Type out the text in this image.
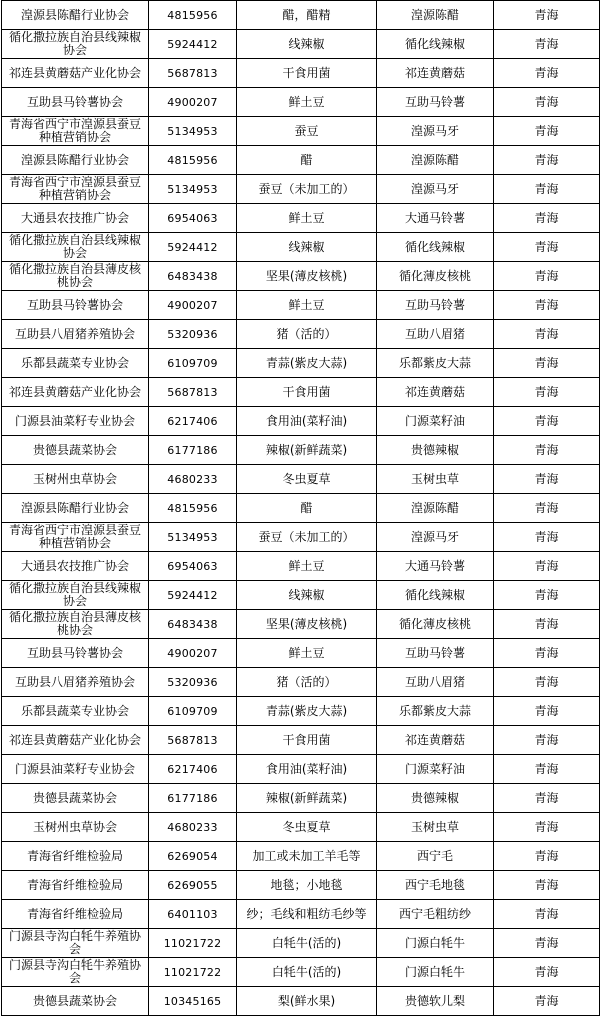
湟源县陈醋行业协会	4815956	醋，醋精	湟源陈醋	青海
循化撒拉族自治县线辣椒协会	5924412	线辣椒	循化线辣椒	青海
祁连县黄蘑菇产业化协会	5687813	干食用菌	祁连黄蘑菇	青海
互助县马铃薯协会	4900207	鲜土豆	互助马铃薯	青海
青海省西宁市湟源县蚕豆种植营销协会	5134953	蚕豆	湟源马牙	青海
湟源县陈醋行业协会	4815956	醋	湟源陈醋	青海
青海省西宁市湟源县蚕豆种植营销协会	5134953	蚕豆（未加工的）	湟源马牙	青海
大通县农技推广协会	6954063	鲜土豆	大通马铃薯	青海
循化撒拉族自治县线辣椒协会	5924412	线辣椒	循化线辣椒	青海
循化撒拉族自治县薄皮核桃协会	6483438	坚果(薄皮核桃)	循化薄皮核桃	青海
互助县马铃薯协会	4900207	鲜土豆	互助马铃薯	青海
互助县八眉猪养殖协会	5320936	猪（活的）	互助八眉猪	青海
乐都县蔬菜专业协会	6109709	青蒜(紫皮大蒜)	乐都紫皮大蒜	青海
祁连县黄蘑菇产业化协会	5687813	干食用菌	祁连黄蘑菇	青海
门源县油菜籽专业协会	6217406	食用油(菜籽油)	门源菜籽油	青海
贵德县蔬菜协会	6177186	辣椒(新鲜蔬菜)	贵德辣椒	青海
玉树州虫草协会	4680233	冬虫夏草	玉树虫草	青海
湟源县陈醋行业协会	4815956	醋	湟源陈醋	青海
青海省西宁市湟源县蚕豆种植营销协会	5134953	蚕豆（未加工的）	湟源马牙	青海
大通县农技推广协会	6954063	鲜土豆	大通马铃薯	青海
循化撒拉族自治县线辣椒协会	5924412	线辣椒	循化线辣椒	青海
循化撒拉族自治县薄皮核桃协会	6483438	坚果(薄皮核桃)	循化薄皮核桃	青海
互助县马铃薯协会	4900207	鲜土豆	互助马铃薯	青海
互助县八眉猪养殖协会	5320936	猪（活的）	互助八眉猪	青海
乐都县蔬菜专业协会	6109709	青蒜(紫皮大蒜)	乐都紫皮大蒜	青海
祁连县黄蘑菇产业化协会	5687813	干食用菌	祁连黄蘑菇	青海
门源县油菜籽专业协会	6217406	食用油(菜籽油)	门源菜籽油	青海
贵德县蔬菜协会	6177186	辣椒(新鲜蔬菜)	贵德辣椒	青海
玉树州虫草协会	4680233	冬虫夏草	玉树虫草	青海
青海省纤维检验局	6269054	加工或未加工羊毛等	西宁毛	青海
青海省纤维检验局	6269055	地毯；小地毯	西宁毛地毯	青海
青海省纤维检验局	6401103	纱；毛线和粗纺毛纱等	西宁毛粗纺纱	青海
门源县寺沟白牦牛养殖协会	11021722	白牦牛(活的)	门源白牦牛	青海
门源县寺沟白牦牛养殖协会	11021722	白牦牛(活的)	门源白牦牛	青海
贵德县蔬菜协会	10345165	梨(鲜水果)	贵德软儿梨	青海
